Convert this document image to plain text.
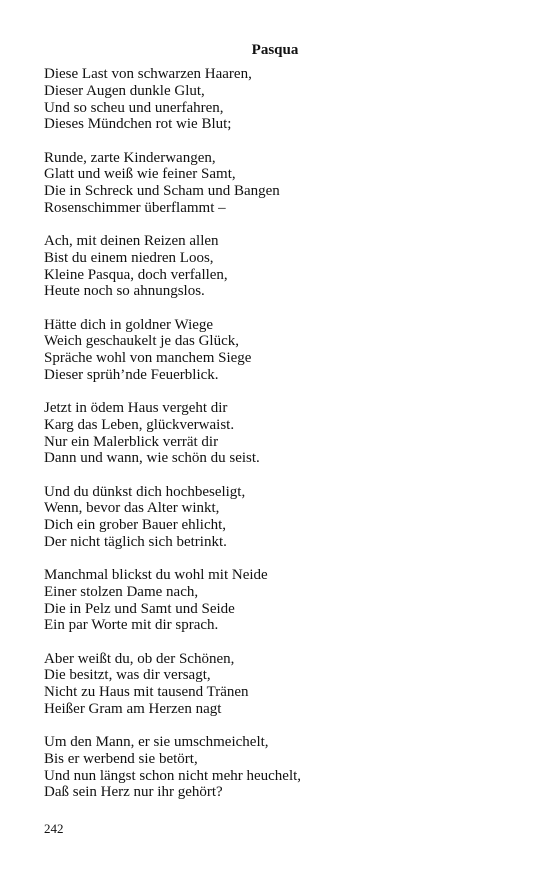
Pasqua
Diese Last von schwarzen Haaren,
Dieser Augen dunkle Glut,
Und so scheu und unerfahren,
Dieses Mündchen rot wie Blut;
Runde, zarte Kinderwangen,
Glatt und weiß wie feiner Samt,
Die in Schreck und Scham und Bangen
Rosenschimmer überflammt –
Ach, mit deinen Reizen allen
Bist du einem niedren Loos,
Kleine Pasqua, doch verfallen,
Heute noch so ahnungslos.
Hätte dich in goldner Wiege
Weich geschaukelt je das Glück,
Spräche wohl von manchem Siege
Dieser sprüh’nde Feuerblick.
Jetzt in ödem Haus vergeht dir
Karg das Leben, glückverwaist.
Nur ein Malerblick verrät dir
Dann und wann, wie schön du seist.
Und du dünkst dich hochbeseligt,
Wenn, bevor das Alter winkt,
Dich ein grober Bauer ehlicht,
Der nicht täglich sich betrinkt.
Manchmal blickst du wohl mit Neide
Einer stolzen Dame nach,
Die in Pelz und Samt und Seide
Ein par Worte mit dir sprach.
Aber weißt du, ob der Schönen,
Die besitzt, was dir versagt,
Nicht zu Haus mit tausend Tränen
Heißer Gram am Herzen nagt
Um den Mann, er sie umschmeichelt,
Bis er werbend sie betört,
Und nun längst schon nicht mehr heuchelt,
Daß sein Herz nur ihr gehört?
242
